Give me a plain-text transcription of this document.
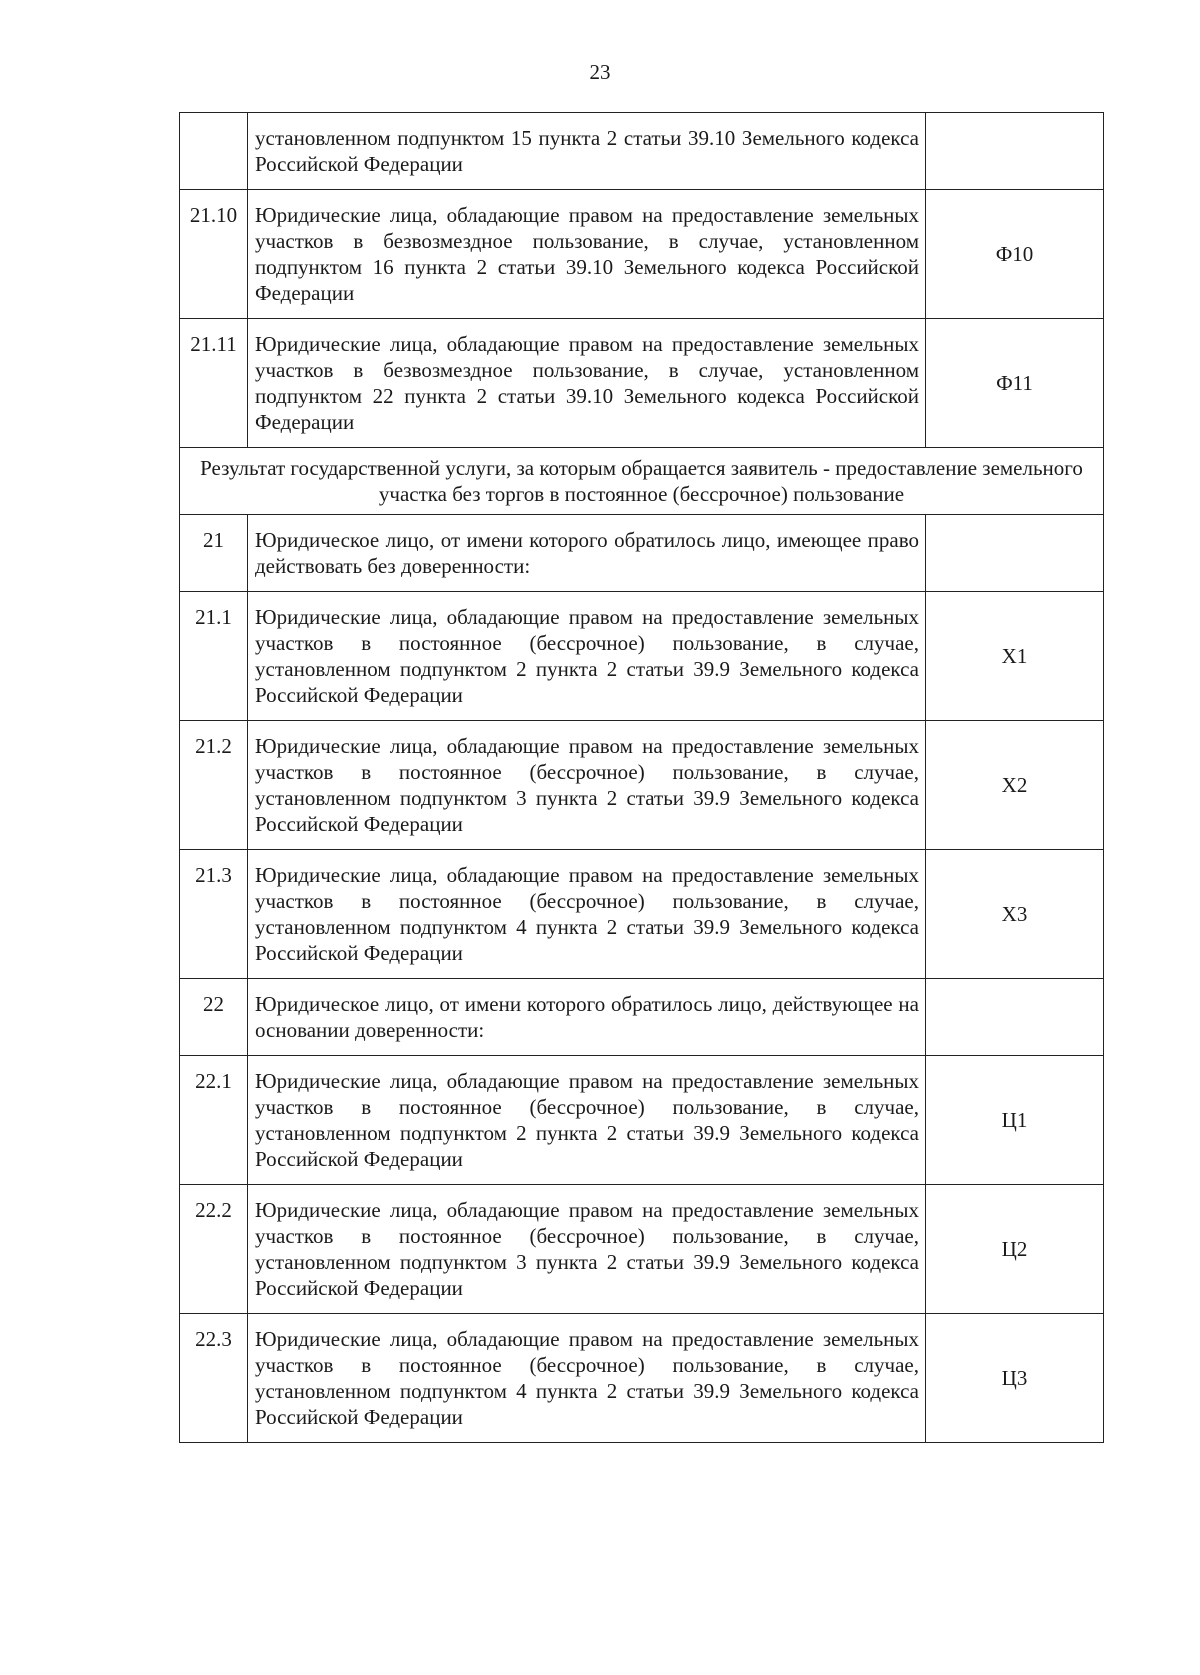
23
	установленном подпунктом 15 пункта 2 статьи 39.10 Земельного кодекса Российской Федерации	
21.10	Юридические лица, обладающие правом на предоставление земельных участков в безвозмездное пользование, в случае, установленном подпунктом 16 пункта 2 статьи 39.10 Земельного кодекса Российской Федерации	Ф10
21.11	Юридические лица, обладающие правом на предоставление земельных участков в безвозмездное пользование, в случае, установленном подпунктом 22 пункта 2 статьи 39.10 Земельного кодекса Российской Федерации	Ф11
Результат государственной услуги, за которым обращается заявитель - предоставление земельного участка без торгов в постоянное (бессрочное) пользование		
21	Юридическое лицо, от имени которого обратилось лицо, имеющее право действовать без доверенности:	
21.1	Юридические лица, обладающие правом на предоставление земельных участков в постоянное (бессрочное) пользование, в случае, установленном подпунктом 2 пункта 2 статьи 39.9 Земельного кодекса Российской Федерации	Х1
21.2	Юридические лица, обладающие правом на предоставление земельных участков в постоянное (бессрочное) пользование, в случае, установленном подпунктом 3 пункта 2 статьи 39.9 Земельного кодекса Российской Федерации	Х2
21.3	Юридические лица, обладающие правом на предоставление земельных участков в постоянное (бессрочное) пользование, в случае, установленном подпунктом 4 пункта 2 статьи 39.9 Земельного кодекса Российской Федерации	Х3
22	Юридическое лицо, от имени которого обратилось лицо, действующее на основании доверенности:	
22.1	Юридические лица, обладающие правом на предоставление земельных участков в постоянное (бессрочное) пользование, в случае, установленном подпунктом 2 пункта 2 статьи 39.9 Земельного кодекса Российской Федерации	Ц1
22.2	Юридические лица, обладающие правом на предоставление земельных участков в постоянное (бессрочное) пользование, в случае, установленном подпунктом 3 пункта 2 статьи 39.9 Земельного кодекса Российской Федерации	Ц2
22.3	Юридические лица, обладающие правом на предоставление земельных участков в постоянное (бессрочное) пользование, в случае, установленном подпунктом 4 пункта 2 статьи 39.9 Земельного кодекса Российской Федерации	Ц3
